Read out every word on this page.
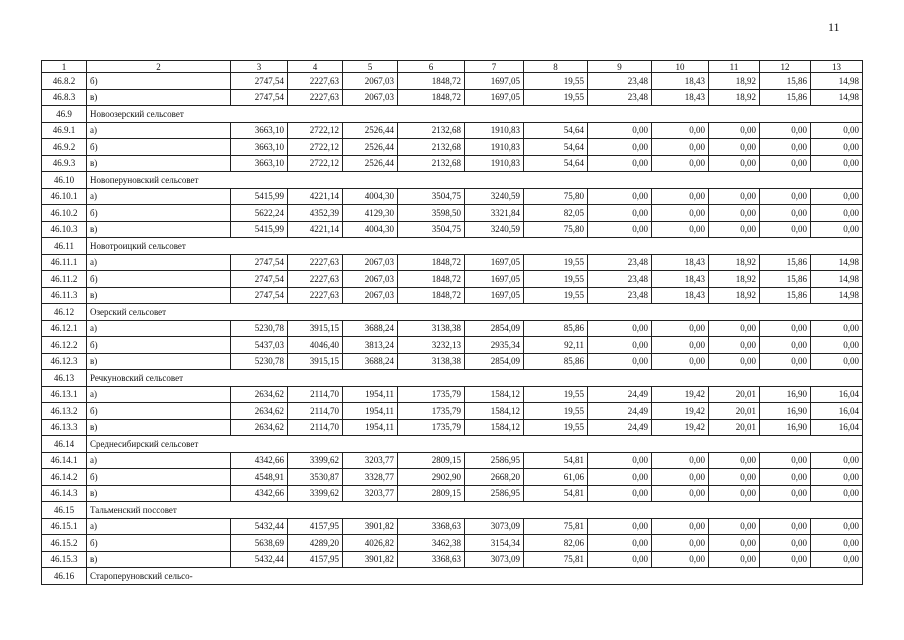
11
1	2	3	4	5	6	7	8	9	10	11	12	13
46.8.2	б)	2747,54	2227,63	2067,03	1848,72	1697,05	19,55	23,48	18,43	18,92	15,86	14,98
46.8.3	в)	2747,54	2227,63	2067,03	1848,72	1697,05	19,55	23,48	18,43	18,92	15,86	14,98
46.9	Новоозерский сельсовет											
46.9.1	а)	3663,10	2722,12	2526,44	2132,68	1910,83	54,64	0,00	0,00	0,00	0,00	0,00
46.9.2	б)	3663,10	2722,12	2526,44	2132,68	1910,83	54,64	0,00	0,00	0,00	0,00	0,00
46.9.3	в)	3663,10	2722,12	2526,44	2132,68	1910,83	54,64	0,00	0,00	0,00	0,00	0,00
46.10	Новоперуновский сельсовет											
46.10.1	а)	5415,99	4221,14	4004,30	3504,75	3240,59	75,80	0,00	0,00	0,00	0,00	0,00
46.10.2	б)	5622,24	4352,39	4129,30	3598,50	3321,84	82,05	0,00	0,00	0,00	0,00	0,00
46.10.3	в)	5415,99	4221,14	4004,30	3504,75	3240,59	75,80	0,00	0,00	0,00	0,00	0,00
46.11	Новотроицкий сельсовет											
46.11.1	а)	2747,54	2227,63	2067,03	1848,72	1697,05	19,55	23,48	18,43	18,92	15,86	14,98
46.11.2	б)	2747,54	2227,63	2067,03	1848,72	1697,05	19,55	23,48	18,43	18,92	15,86	14,98
46.11.3	в)	2747,54	2227,63	2067,03	1848,72	1697,05	19,55	23,48	18,43	18,92	15,86	14,98
46.12	Озерский сельсовет											
46.12.1	а)	5230,78	3915,15	3688,24	3138,38	2854,09	85,86	0,00	0,00	0,00	0,00	0,00
46.12.2	б)	5437,03	4046,40	3813,24	3232,13	2935,34	92,11	0,00	0,00	0,00	0,00	0,00
46.12.3	в)	5230,78	3915,15	3688,24	3138,38	2854,09	85,86	0,00	0,00	0,00	0,00	0,00
46.13	Речкуновский сельсовет											
46.13.1	а)	2634,62	2114,70	1954,11	1735,79	1584,12	19,55	24,49	19,42	20,01	16,90	16,04
46.13.2	б)	2634,62	2114,70	1954,11	1735,79	1584,12	19,55	24,49	19,42	20,01	16,90	16,04
46.13.3	в)	2634,62	2114,70	1954,11	1735,79	1584,12	19,55	24,49	19,42	20,01	16,90	16,04
46.14	Среднесибирский сельсовет											
46.14.1	а)	4342,66	3399,62	3203,77	2809,15	2586,95	54,81	0,00	0,00	0,00	0,00	0,00
46.14.2	б)	4548,91	3530,87	3328,77	2902,90	2668,20	61,06	0,00	0,00	0,00	0,00	0,00
46.14.3	в)	4342,66	3399,62	3203,77	2809,15	2586,95	54,81	0,00	0,00	0,00	0,00	0,00
46.15	Тальменский поссовет											
46.15.1	а)	5432,44	4157,95	3901,82	3368,63	3073,09	75,81	0,00	0,00	0,00	0,00	0,00
46.15.2	б)	5638,69	4289,20	4026,82	3462,38	3154,34	82,06	0,00	0,00	0,00	0,00	0,00
46.15.3	в)	5432,44	4157,95	3901,82	3368,63	3073,09	75,81	0,00	0,00	0,00	0,00	0,00
46.16	Староперуновский сельсо-											
